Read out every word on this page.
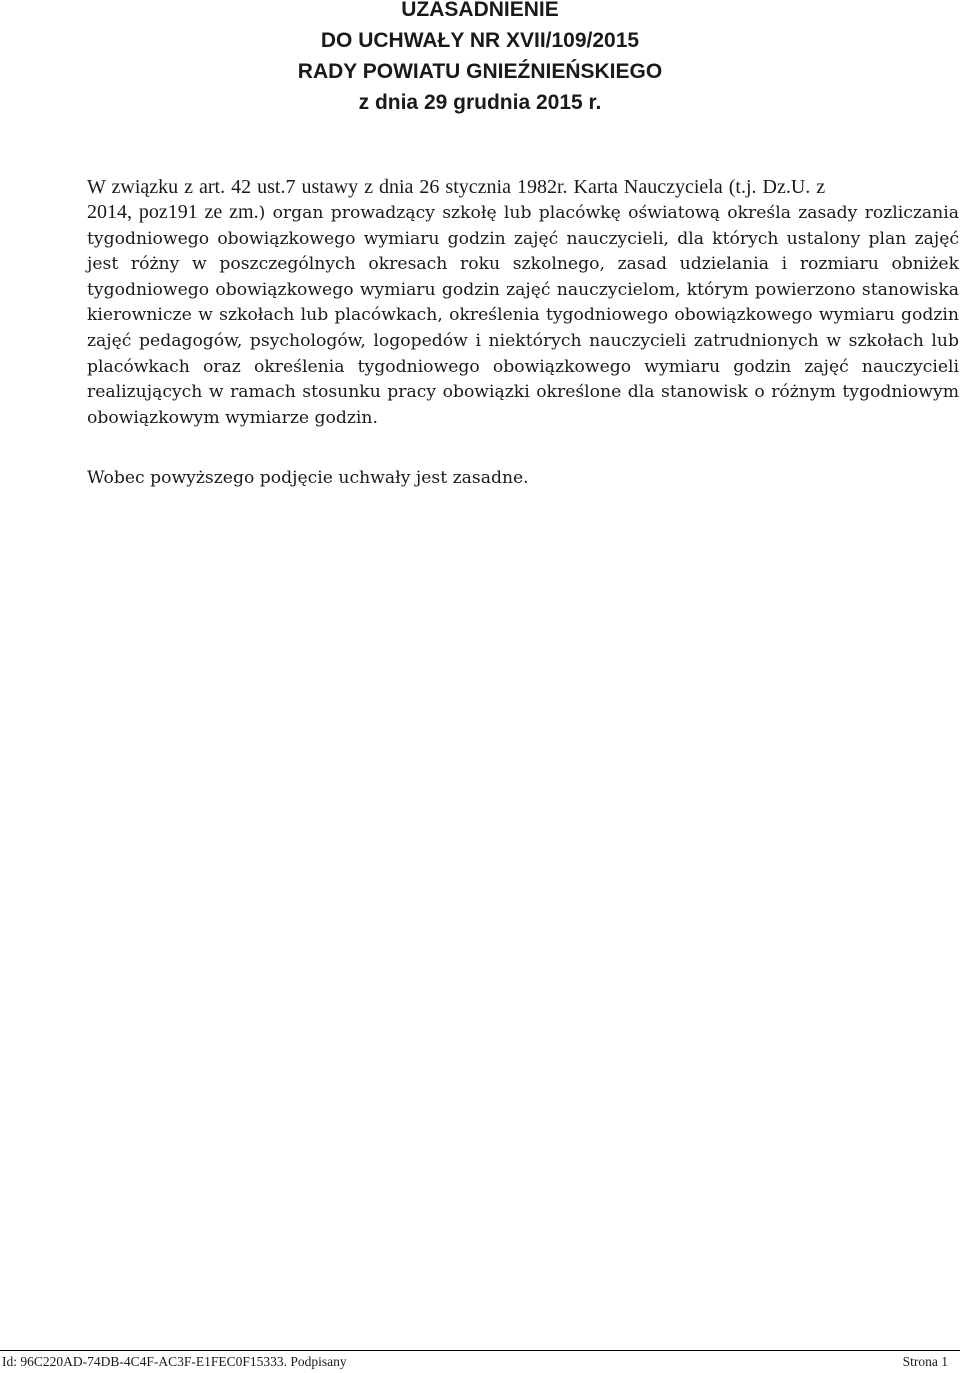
UZASADNIENIE
DO UCHWAŁY NR XVII/109/2015
RADY POWIATU GNIEŹNIEŃSKIEGO
z dnia 29 grudnia 2015 r.
W związku z art. 42 ust.7 ustawy z dnia 26 stycznia 1982r. Karta Nauczyciela (t.j. Dz.U. z
2014, poz191 ze zm.) organ prowadzący szkołę lub placówkę oświatową określa zasady rozliczania tygodniowego obowiązkowego wymiaru godzin zajęć nauczycieli, dla których ustalony plan zajęć jest różny w poszczególnych okresach roku szkolnego, zasad udzielania i rozmiaru obniżek tygodniowego obowiązkowego wymiaru godzin zajęć nauczycielom, którym powierzono stanowiska kierownicze w szkołach lub placówkach, określenia tygodniowego obowiązkowego wymiaru godzin zajęć pedagogów, psychologów, logopedów i niektórych nauczycieli zatrudnionych w szkołach lub placówkach oraz określenia tygodniowego obowiązkowego wymiaru godzin zajęć nauczycieli realizujących w ramach stosunku pracy obowiązki określone dla stanowisk o różnym tygodniowym obowiązkowym wymiarze godzin.
Wobec powyższego podjęcie uchwały jest zasadne.
Id: 96C220AD-74DB-4C4F-AC3F-E1FEC0F15333. Podpisany	Strona 1
